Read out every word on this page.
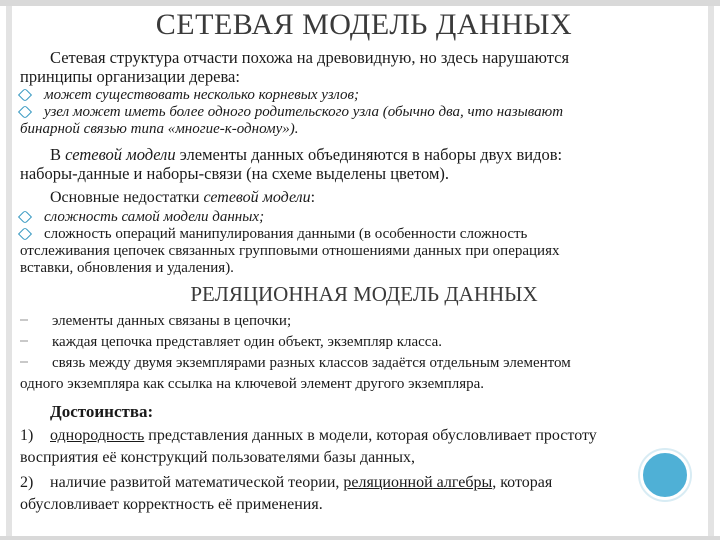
СЕТЕВАЯ МОДЕЛЬ ДАННЫХ
Сетевая структура отчасти похожа на древовидную, но здесь нарушаются
принципы организации дерева:
может существовать несколько корневых узлов;
узел может иметь более одного родительского узла (обычно два, что называют
бинарной связью типа «многие-к-одному»).
В сетевой модели элементы данных объединяются в наборы двух видов:
наборы-данные и наборы-связи (на схеме выделены цветом).
Основные недостатки сетевой модели:
сложность самой модели данных;
сложность операций манипулирования данными (в особенности сложность
отслеживания цепочек связанных групповыми отношениями данных при операциях
вставки, обновления и удаления).
РЕЛЯЦИОННАЯ МОДЕЛЬ ДАННЫХ
элементы данных связаны в цепочки;
каждая цепочка представляет один объект, экземпляр класса.
связь между двумя экземплярами разных классов задаётся отдельным элементом
одного экземпляра как ссылка на ключевой элемент другого экземпляра.
Достоинства:
1) однородность представления данных в модели, которая обусловливает простоту
восприятия её конструкций пользователями базы данных,
2) наличие развитой математической теории, реляционной алгебры, которая
обусловливает корректность её применения.
